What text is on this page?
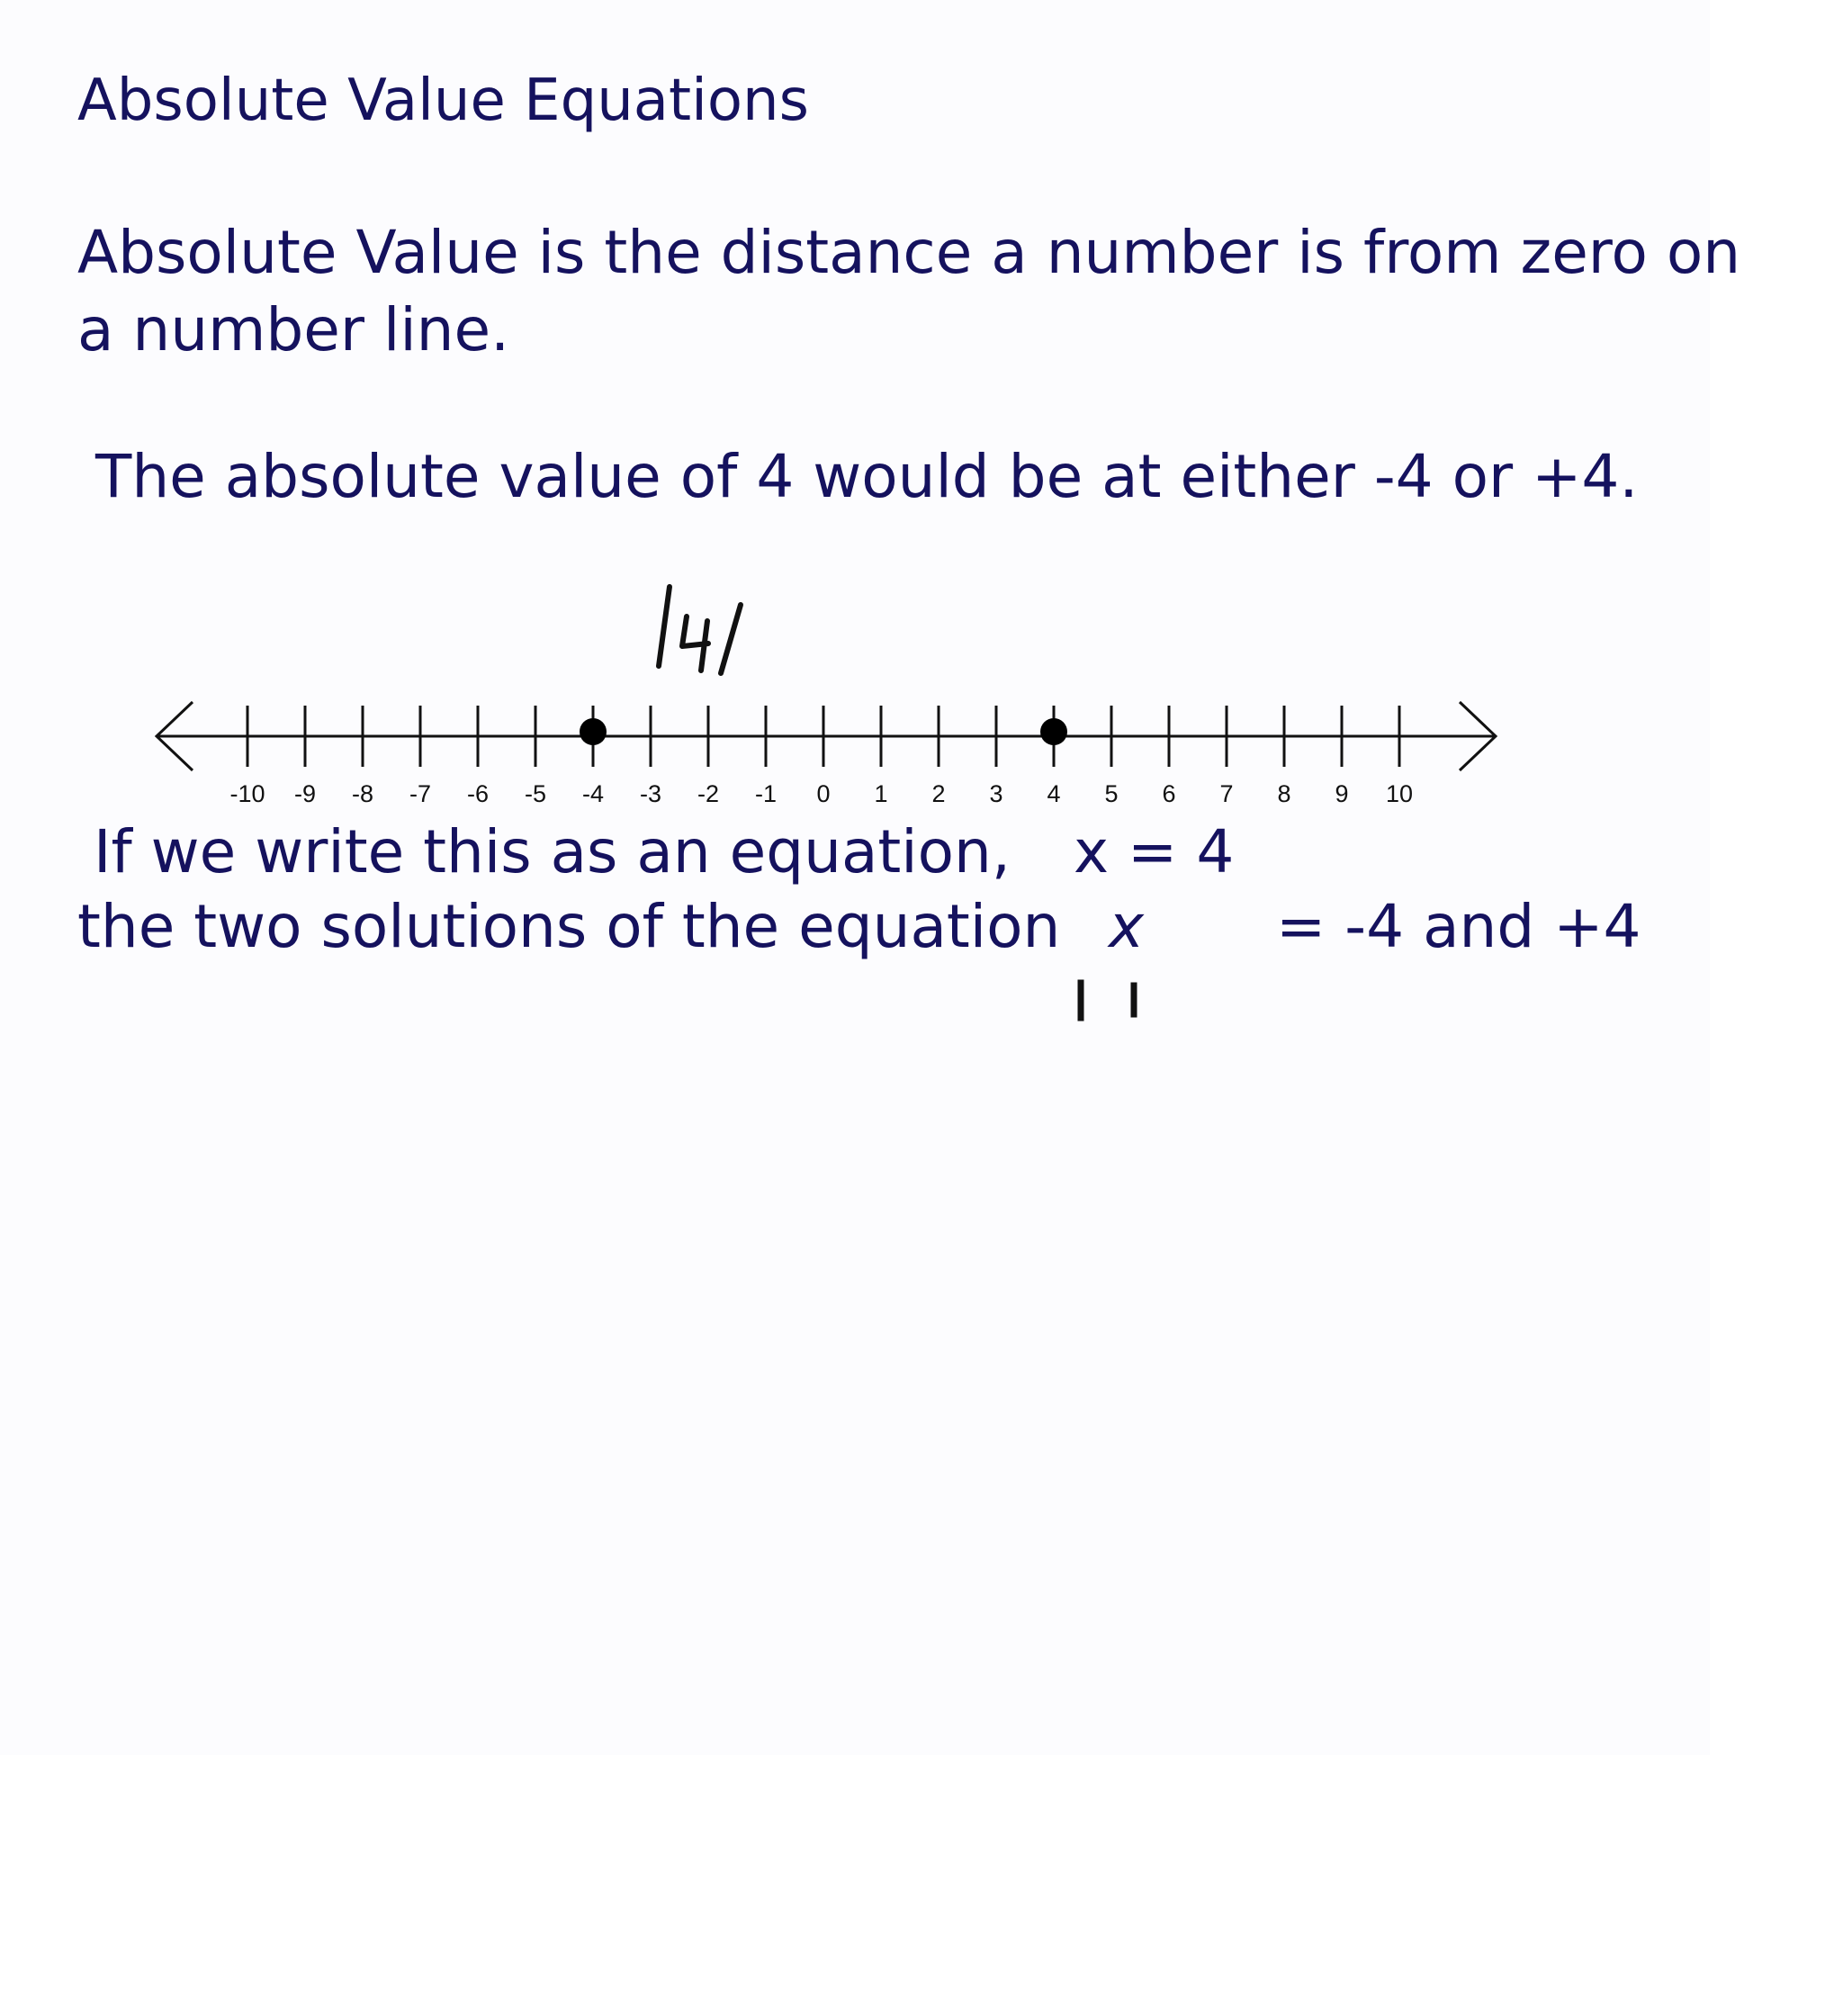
Absolute Value Equations
Absolute Value is the distance a number is from zero on
a number line.
The absolute value of 4 would be at either -4 or +4.
-10 -9 -8 -7 -6 -5 -4 -3 -2 -1 0 1 2 3 4 5 6 7 8 9 10
If we write this as an equation, x = 4
the two solutions of the equation x = -4 and +4
